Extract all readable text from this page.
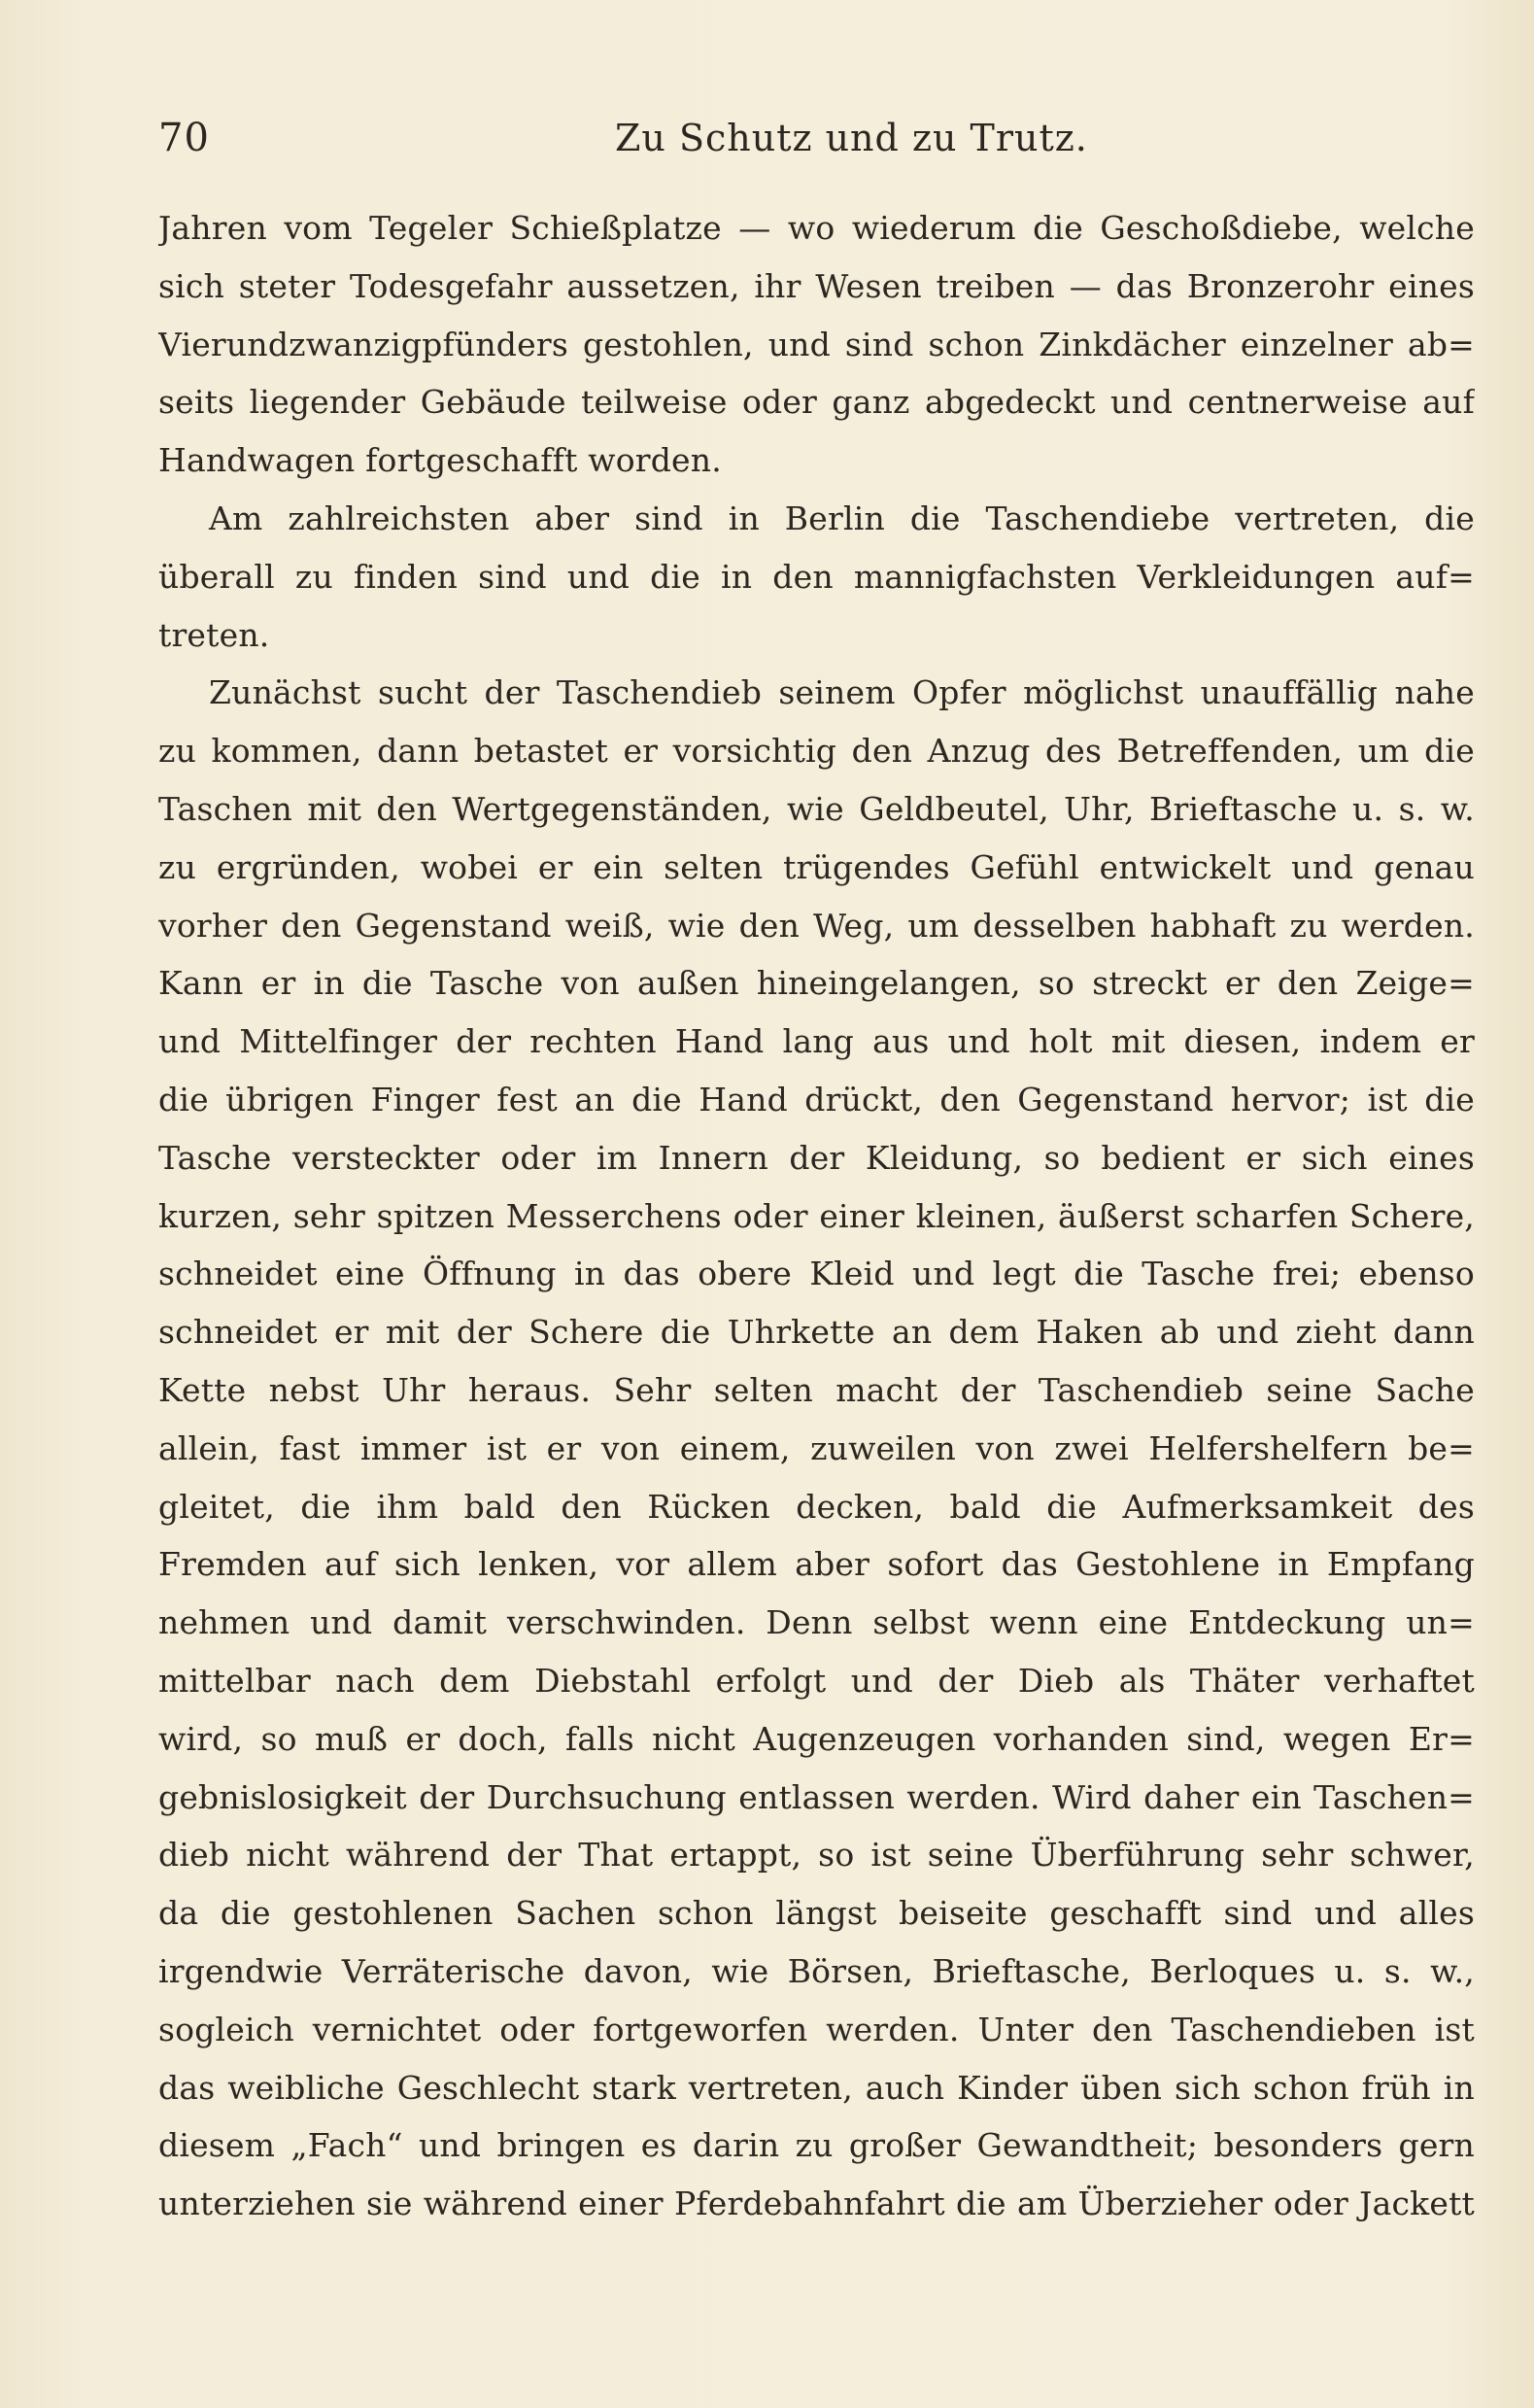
70	Zu Schutz und zu Trutz.
Jahren vom Tegeler Schießplatze — wo wiederum die Geschoßdiebe, welche
sich steter Todesgefahr aussetzen, ihr Wesen treiben — das Bronzerohr eines
Vierundzwanzigpfünders gestohlen, und sind schon Zinkdächer einzelner ab=
seits liegender Gebäude teilweise oder ganz abgedeckt und centnerweise auf
Handwagen fortgeschafft worden.
Am zahlreichsten aber sind in Berlin die Taschendiebe vertreten, die
überall zu finden sind und die in den mannigfachsten Verkleidungen auf=
treten.
Zunächst sucht der Taschendieb seinem Opfer möglichst unauffällig nahe
zu kommen, dann betastet er vorsichtig den Anzug des Betreffenden, um die
Taschen mit den Wertgegenständen, wie Geldbeutel, Uhr, Brieftasche u. s. w.
zu ergründen, wobei er ein selten trügendes Gefühl entwickelt und genau
vorher den Gegenstand weiß, wie den Weg, um desselben habhaft zu werden.
Kann er in die Tasche von außen hineingelangen, so streckt er den Zeige=
und Mittelfinger der rechten Hand lang aus und holt mit diesen, indem er
die übrigen Finger fest an die Hand drückt, den Gegenstand hervor; ist die
Tasche versteckter oder im Innern der Kleidung, so bedient er sich eines
kurzen, sehr spitzen Messerchens oder einer kleinen, äußerst scharfen Schere,
schneidet eine Öffnung in das obere Kleid und legt die Tasche frei; ebenso
schneidet er mit der Schere die Uhrkette an dem Haken ab und zieht dann
Kette nebst Uhr heraus. Sehr selten macht der Taschendieb seine Sache
allein, fast immer ist er von einem, zuweilen von zwei Helfershelfern be=
gleitet, die ihm bald den Rücken decken, bald die Aufmerksamkeit des
Fremden auf sich lenken, vor allem aber sofort das Gestohlene in Empfang
nehmen und damit verschwinden. Denn selbst wenn eine Entdeckung un=
mittelbar nach dem Diebstahl erfolgt und der Dieb als Thäter verhaftet
wird, so muß er doch, falls nicht Augenzeugen vorhanden sind, wegen Er=
gebnislosigkeit der Durchsuchung entlassen werden. Wird daher ein Taschen=
dieb nicht während der That ertappt, so ist seine Überführung sehr schwer,
da die gestohlenen Sachen schon längst beiseite geschafft sind und alles
irgendwie Verräterische davon, wie Börsen, Brieftasche, Berloques u. s. w.,
sogleich vernichtet oder fortgeworfen werden. Unter den Taschendieben ist
das weibliche Geschlecht stark vertreten, auch Kinder üben sich schon früh in
diesem „Fach“ und bringen es darin zu großer Gewandtheit; besonders gern
unterziehen sie während einer Pferdebahnfahrt die am Überzieher oder Jackett
